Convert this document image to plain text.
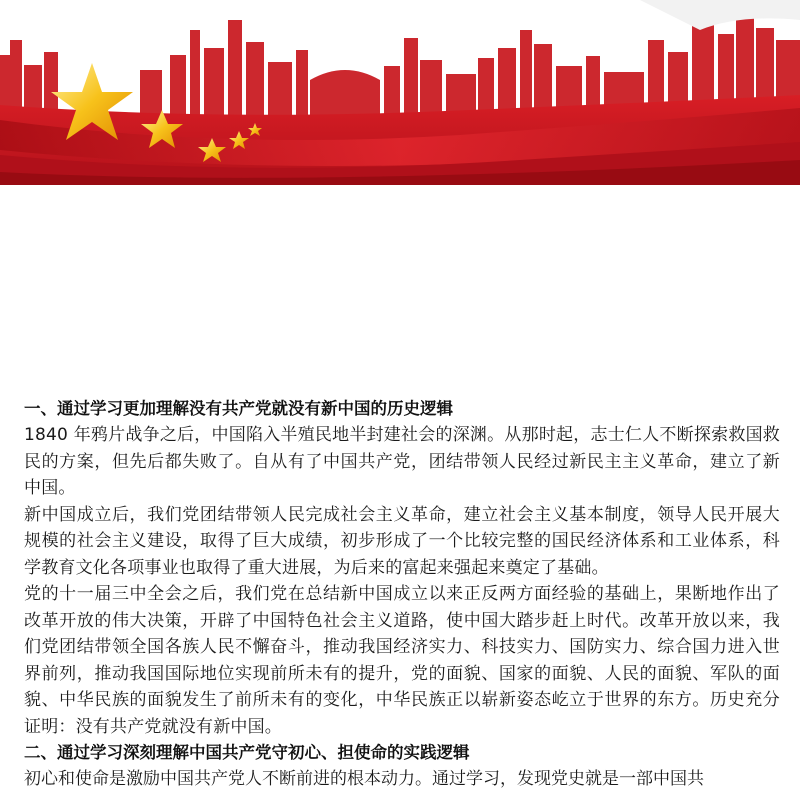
一、通过学习更加理解没有共产党就没有新中国的历史逻辑

1840 年鸦片战争之后，中国陷入半殖民地半封建社会的深渊。从那时起，志士仁人不断探索救国救民的方案，但先后都失败了。自从有了中国共产党，团结带领人民经过新民主主义革命，建立了新中国。

新中国成立后，我们党团结带领人民完成社会主义革命，建立社会主义基本制度，领导人民开展大规模的社会主义建设，取得了巨大成绩，初步形成了一个比较完整的国民经济体系和工业体系，科学教育文化各项事业也取得了重大进展，为后来的富起来强起来奠定了基础。

党的十一届三中全会之后，我们党在总结新中国成立以来正反两方面经验的基础上，果断地作出了改革开放的伟大决策，开辟了中国特色社会主义道路，使中国大踏步赶上时代。改革开放以来，我们党团结带领全国各族人民不懈奋斗，推动我国经济实力、科技实力、国防实力、综合国力进入世界前列，推动我国国际地位实现前所未有的提升，党的面貌、国家的面貌、人民的面貌、军队的面貌、中华民族的面貌发生了前所未有的变化，中华民族正以崭新姿态屹立于世界的东方。历史充分证明：没有共产党就没有新中国。

二、通过学习深刻理解中国共产党守初心、担使命的实践逻辑

初心和使命是激励中国共产党人不断前进的根本动力。通过学习，发现党史就是一部中国共
